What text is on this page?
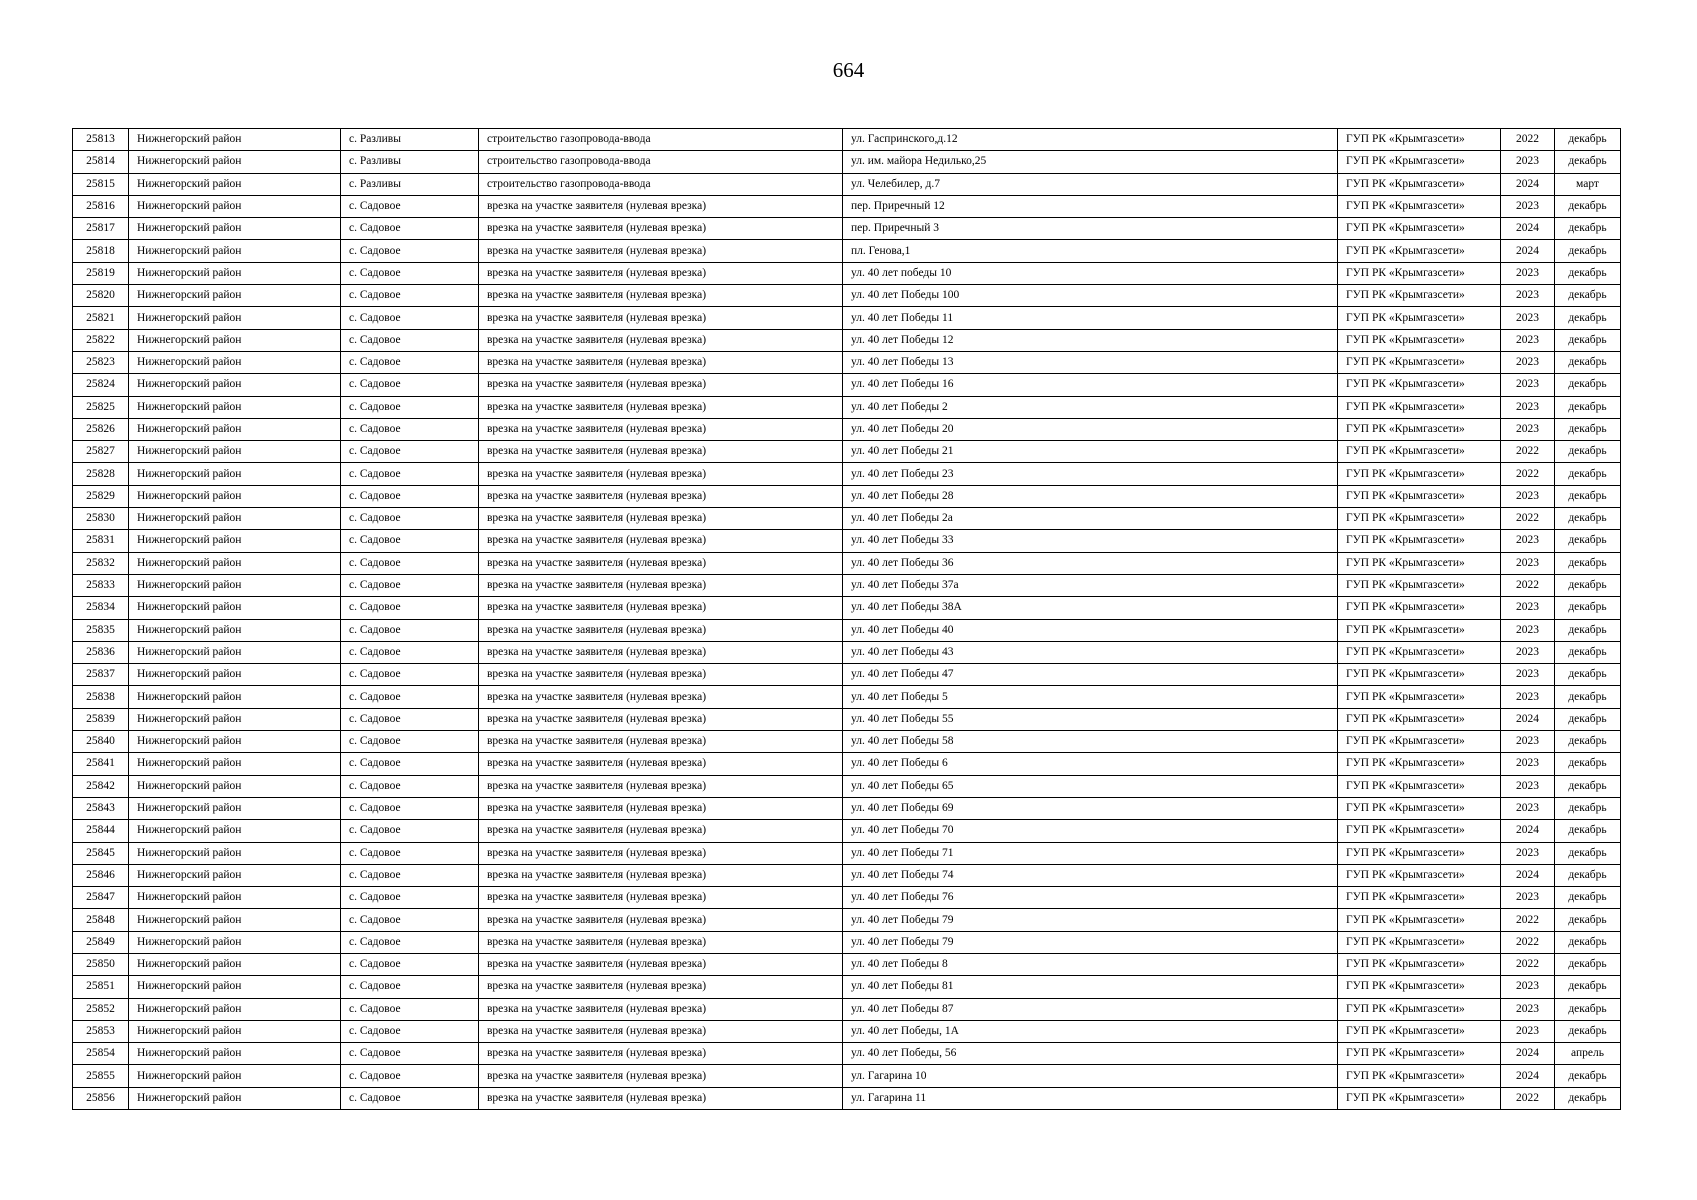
664
25813	Нижнегорский район	с. Разливы	строительство газопровода-ввода	ул. Гаспринского,д.12	ГУП РК «Крымгазсети»	2022	декабрь
25814	Нижнегорский район	с. Разливы	строительство газопровода-ввода	ул. им. майора Недилько,25	ГУП РК «Крымгазсети»	2023	декабрь
25815	Нижнегорский район	с. Разливы	строительство газопровода-ввода	ул. Челебилер, д.7	ГУП РК «Крымгазсети»	2024	март
25816	Нижнегорский район	с. Садовое	врезка на участке заявителя (нулевая врезка)	пер. Приречный 12	ГУП РК «Крымгазсети»	2023	декабрь
25817	Нижнегорский район	с. Садовое	врезка на участке заявителя (нулевая врезка)	пер. Приречный 3	ГУП РК «Крымгазсети»	2024	декабрь
25818	Нижнегорский район	с. Садовое	врезка на участке заявителя (нулевая врезка)	пл. Генова,1	ГУП РК «Крымгазсети»	2024	декабрь
25819	Нижнегорский район	с. Садовое	врезка на участке заявителя (нулевая врезка)	ул. 40 лет победы 10	ГУП РК «Крымгазсети»	2023	декабрь
25820	Нижнегорский район	с. Садовое	врезка на участке заявителя (нулевая врезка)	ул. 40 лет Победы 100	ГУП РК «Крымгазсети»	2023	декабрь
25821	Нижнегорский район	с. Садовое	врезка на участке заявителя (нулевая врезка)	ул. 40 лет Победы 11	ГУП РК «Крымгазсети»	2023	декабрь
25822	Нижнегорский район	с. Садовое	врезка на участке заявителя (нулевая врезка)	ул. 40 лет Победы 12	ГУП РК «Крымгазсети»	2023	декабрь
25823	Нижнегорский район	с. Садовое	врезка на участке заявителя (нулевая врезка)	ул. 40 лет Победы 13	ГУП РК «Крымгазсети»	2023	декабрь
25824	Нижнегорский район	с. Садовое	врезка на участке заявителя (нулевая врезка)	ул. 40 лет Победы 16	ГУП РК «Крымгазсети»	2023	декабрь
25825	Нижнегорский район	с. Садовое	врезка на участке заявителя (нулевая врезка)	ул. 40 лет Победы 2	ГУП РК «Крымгазсети»	2023	декабрь
25826	Нижнегорский район	с. Садовое	врезка на участке заявителя (нулевая врезка)	ул. 40 лет Победы 20	ГУП РК «Крымгазсети»	2023	декабрь
25827	Нижнегорский район	с. Садовое	врезка на участке заявителя (нулевая врезка)	ул. 40 лет Победы 21	ГУП РК «Крымгазсети»	2022	декабрь
25828	Нижнегорский район	с. Садовое	врезка на участке заявителя (нулевая врезка)	ул. 40 лет Победы 23	ГУП РК «Крымгазсети»	2022	декабрь
25829	Нижнегорский район	с. Садовое	врезка на участке заявителя (нулевая врезка)	ул. 40 лет Победы 28	ГУП РК «Крымгазсети»	2023	декабрь
25830	Нижнегорский район	с. Садовое	врезка на участке заявителя (нулевая врезка)	ул. 40 лет Победы 2а	ГУП РК «Крымгазсети»	2022	декабрь
25831	Нижнегорский район	с. Садовое	врезка на участке заявителя (нулевая врезка)	ул. 40 лет Победы 33	ГУП РК «Крымгазсети»	2023	декабрь
25832	Нижнегорский район	с. Садовое	врезка на участке заявителя (нулевая врезка)	ул. 40 лет Победы 36	ГУП РК «Крымгазсети»	2023	декабрь
25833	Нижнегорский район	с. Садовое	врезка на участке заявителя (нулевая врезка)	ул. 40 лет Победы 37а	ГУП РК «Крымгазсети»	2022	декабрь
25834	Нижнегорский район	с. Садовое	врезка на участке заявителя (нулевая врезка)	ул. 40 лет Победы 38А	ГУП РК «Крымгазсети»	2023	декабрь
25835	Нижнегорский район	с. Садовое	врезка на участке заявителя (нулевая врезка)	ул. 40 лет Победы 40	ГУП РК «Крымгазсети»	2023	декабрь
25836	Нижнегорский район	с. Садовое	врезка на участке заявителя (нулевая врезка)	ул. 40 лет Победы 43	ГУП РК «Крымгазсети»	2023	декабрь
25837	Нижнегорский район	с. Садовое	врезка на участке заявителя (нулевая врезка)	ул. 40 лет Победы 47	ГУП РК «Крымгазсети»	2023	декабрь
25838	Нижнегорский район	с. Садовое	врезка на участке заявителя (нулевая врезка)	ул. 40 лет Победы 5	ГУП РК «Крымгазсети»	2023	декабрь
25839	Нижнегорский район	с. Садовое	врезка на участке заявителя (нулевая врезка)	ул. 40 лет Победы 55	ГУП РК «Крымгазсети»	2024	декабрь
25840	Нижнегорский район	с. Садовое	врезка на участке заявителя (нулевая врезка)	ул. 40 лет Победы 58	ГУП РК «Крымгазсети»	2023	декабрь
25841	Нижнегорский район	с. Садовое	врезка на участке заявителя (нулевая врезка)	ул. 40 лет Победы 6	ГУП РК «Крымгазсети»	2023	декабрь
25842	Нижнегорский район	с. Садовое	врезка на участке заявителя (нулевая врезка)	ул. 40 лет Победы 65	ГУП РК «Крымгазсети»	2023	декабрь
25843	Нижнегорский район	с. Садовое	врезка на участке заявителя (нулевая врезка)	ул. 40 лет Победы 69	ГУП РК «Крымгазсети»	2023	декабрь
25844	Нижнегорский район	с. Садовое	врезка на участке заявителя (нулевая врезка)	ул. 40 лет Победы 70	ГУП РК «Крымгазсети»	2024	декабрь
25845	Нижнегорский район	с. Садовое	врезка на участке заявителя (нулевая врезка)	ул. 40 лет Победы 71	ГУП РК «Крымгазсети»	2023	декабрь
25846	Нижнегорский район	с. Садовое	врезка на участке заявителя (нулевая врезка)	ул. 40 лет Победы 74	ГУП РК «Крымгазсети»	2024	декабрь
25847	Нижнегорский район	с. Садовое	врезка на участке заявителя (нулевая врезка)	ул. 40 лет Победы 76	ГУП РК «Крымгазсети»	2023	декабрь
25848	Нижнегорский район	с. Садовое	врезка на участке заявителя (нулевая врезка)	ул. 40 лет Победы 79	ГУП РК «Крымгазсети»	2022	декабрь
25849	Нижнегорский район	с. Садовое	врезка на участке заявителя (нулевая врезка)	ул. 40 лет Победы 79	ГУП РК «Крымгазсети»	2022	декабрь
25850	Нижнегорский район	с. Садовое	врезка на участке заявителя (нулевая врезка)	ул. 40 лет Победы 8	ГУП РК «Крымгазсети»	2022	декабрь
25851	Нижнегорский район	с. Садовое	врезка на участке заявителя (нулевая врезка)	ул. 40 лет Победы 81	ГУП РК «Крымгазсети»	2023	декабрь
25852	Нижнегорский район	с. Садовое	врезка на участке заявителя (нулевая врезка)	ул. 40 лет Победы 87	ГУП РК «Крымгазсети»	2023	декабрь
25853	Нижнегорский район	с. Садовое	врезка на участке заявителя (нулевая врезка)	ул. 40 лет Победы, 1А	ГУП РК «Крымгазсети»	2023	декабрь
25854	Нижнегорский район	с. Садовое	врезка на участке заявителя (нулевая врезка)	ул. 40 лет Победы, 56	ГУП РК «Крымгазсети»	2024	апрель
25855	Нижнегорский район	с. Садовое	врезка на участке заявителя (нулевая врезка)	ул. Гагарина 10	ГУП РК «Крымгазсети»	2024	декабрь
25856	Нижнегорский район	с. Садовое	врезка на участке заявителя (нулевая врезка)	ул. Гагарина 11	ГУП РК «Крымгазсети»	2022	декабрь
